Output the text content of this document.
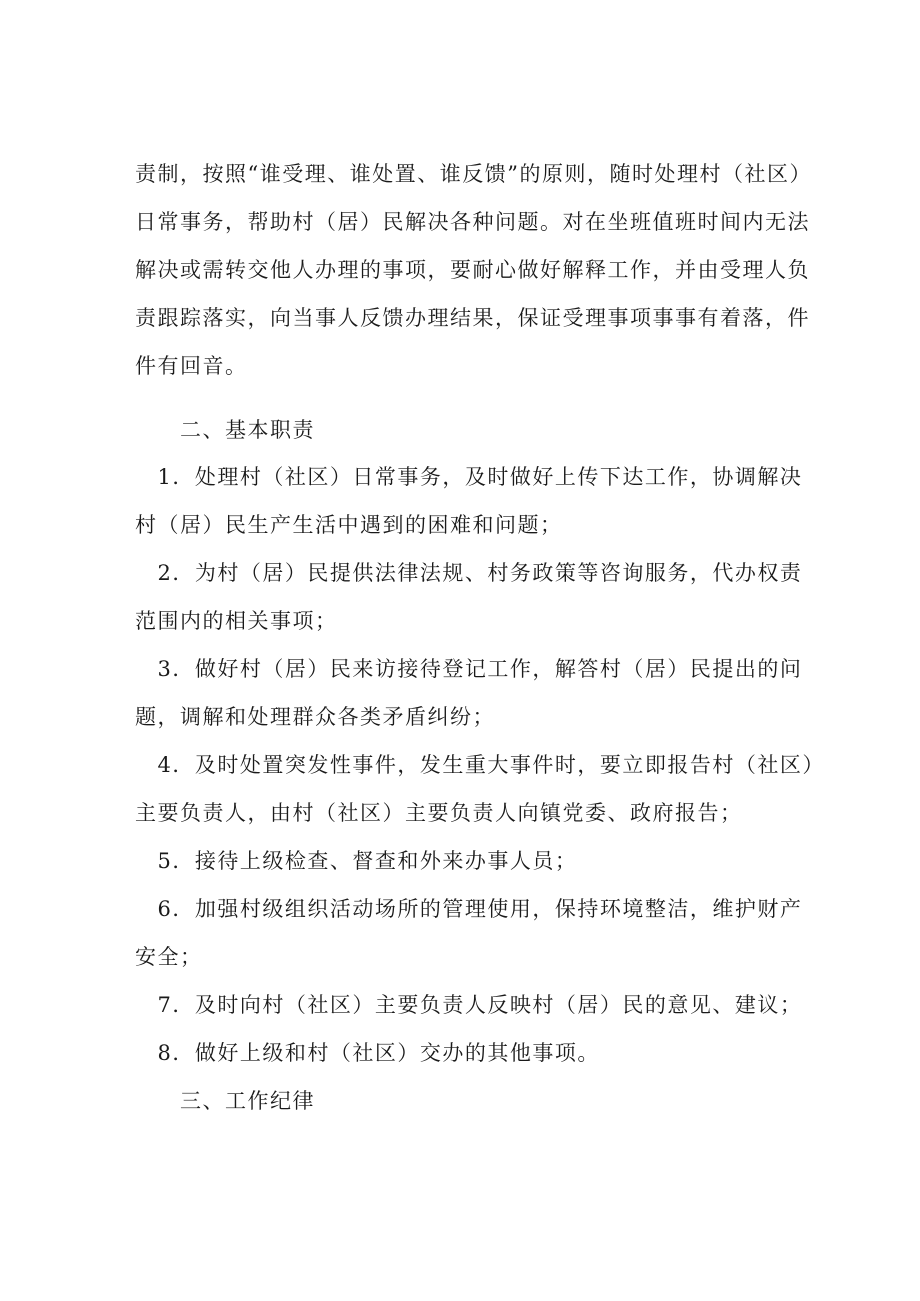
责制，按照“谁受理、谁处置、谁反馈”的原则，随时处理村（社区）
日常事务，帮助村（居）民解决各种问题。对在坐班值班时间内无法
解决或需转交他人办理的事项，要耐心做好解释工作，并由受理人负
责跟踪落实，向当事人反馈办理结果，保证受理事项事事有着落，件
件有回音。
二、基本职责
　1．处理村（社区）日常事务，及时做好上传下达工作，协调解决
村（居）民生产生活中遇到的困难和问题；
　2．为村（居）民提供法律法规、村务政策等咨询服务，代办权责
范围内的相关事项；
　3．做好村（居）民来访接待登记工作，解答村（居）民提出的问
题，调解和处理群众各类矛盾纠纷；
　4．及时处置突发性事件，发生重大事件时，要立即报告村（社区）
主要负责人，由村（社区）主要负责人向镇党委、政府报告；
　5．接待上级检查、督查和外来办事人员；
　6．加强村级组织活动场所的管理使用，保持环境整洁，维护财产
安全；
　7．及时向村（社区）主要负责人反映村（居）民的意见、建议；
　8．做好上级和村（社区）交办的其他事项。
三、工作纪律
